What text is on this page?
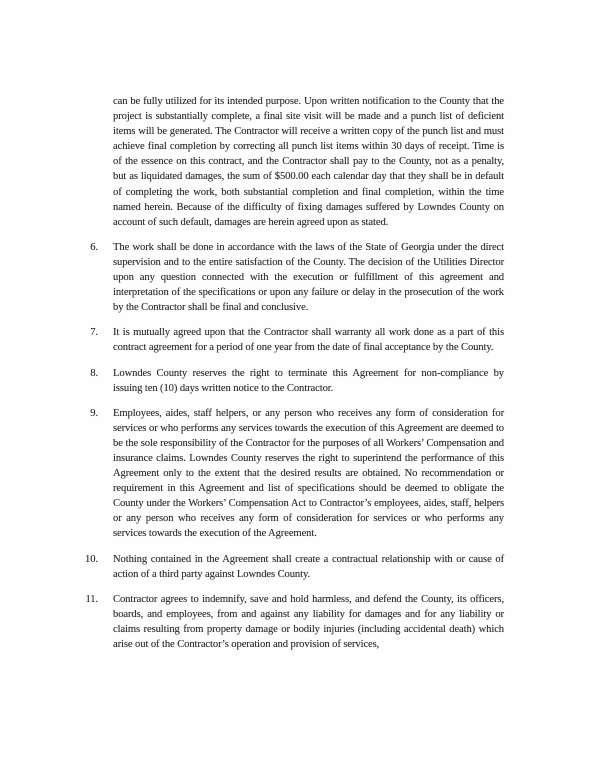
can be fully utilized for its intended purpose. Upon written notification to the County that the project is substantially complete, a final site visit will be made and a punch list of deficient items will be generated. The Contractor will receive a written copy of the punch list and must achieve final completion by correcting all punch list items within 30 days of receipt. Time is of the essence on this contract, and the Contractor shall pay to the County, not as a penalty, but as liquidated damages, the sum of $500.00 each calendar day that they shall be in default of completing the work, both substantial completion and final completion, within the time named herein. Because of the difficulty of fixing damages suffered by Lowndes County on account of such default, damages are herein agreed upon as stated.

6. The work shall be done in accordance with the laws of the State of Georgia under the direct supervision and to the entire satisfaction of the County. The decision of the Utilities Director upon any question connected with the execution or fulfillment of this agreement and interpretation of the specifications or upon any failure or delay in the prosecution of the work by the Contractor shall be final and conclusive.
7. It is mutually agreed upon that the Contractor shall warranty all work done as a part of this contract agreement for a period of one year from the date of final acceptance by the County.
8. Lowndes County reserves the right to terminate this Agreement for non-compliance by issuing ten (10) days written notice to the Contractor.
9. Employees, aides, staff helpers, or any person who receives any form of consideration for services or who performs any services towards the execution of this Agreement are deemed to be the sole responsibility of the Contractor for the purposes of all Workers’ Compensation and insurance claims. Lowndes County reserves the right to superintend the performance of this Agreement only to the extent that the desired results are obtained. No recommendation or requirement in this Agreement and list of specifications should be deemed to obligate the County under the Workers’ Compensation Act to Contractor’s employees, aides, staff, helpers or any person who receives any form of consideration for services or who performs any services towards the execution of the Agreement.
10. Nothing contained in the Agreement shall create a contractual relationship with or cause of action of a third party against Lowndes County.
11. Contractor agrees to indemnify, save and hold harmless, and defend the County, its officers, boards, and employees, from and against any liability for damages and for any liability or claims resulting from property damage or bodily injuries (including accidental death) which arise out of the Contractor’s operation and provision of services,
